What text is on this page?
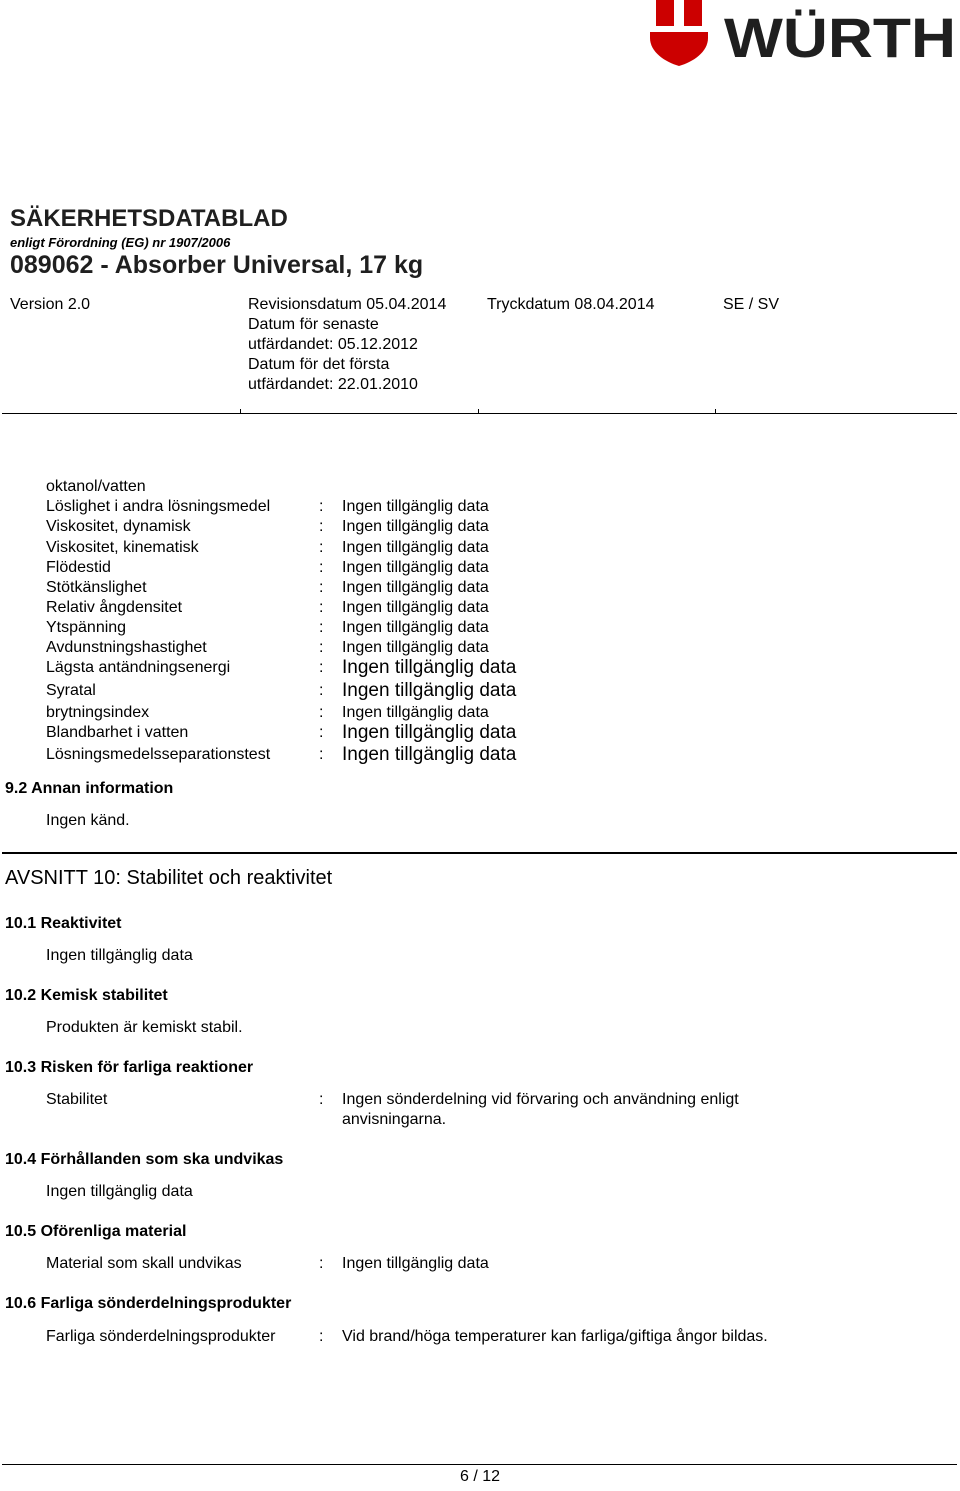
WÜRTH
SÄKERHETSDATABLAD
enligt Förordning (EG) nr 1907/2006
089062 - Absorber Universal, 17 kg
Version 2.0	Revisionsdatum 05.04.2014
Datum för senaste
utfärdandet: 05.12.2012
Datum för det första
utfärdandet: 22.01.2010
Tryckdatum 08.04.2014	SE / SV
oktanol/vatten
Löslighet i andra lösningsmedel	: Ingen tillgänglig data
Viskositet, dynamisk	: Ingen tillgänglig data
Viskositet, kinematisk	: Ingen tillgänglig data
Flödestid	: Ingen tillgänglig data
Stötkänslighet	: Ingen tillgänglig data
Relativ ångdensitet	: Ingen tillgänglig data
Ytspänning	: Ingen tillgänglig data
Avdunstningshastighet	: Ingen tillgänglig data
Lägsta antändningsenergi	: Ingen tillgänglig data
Syratal	: Ingen tillgänglig data
brytningsindex	: Ingen tillgänglig data
Blandbarhet i vatten	: Ingen tillgänglig data
Lösningsmedelsseparationstest	: Ingen tillgänglig data
9.2 Annan information
Ingen känd.
AVSNITT 10: Stabilitet och reaktivitet
10.1 Reaktivitet
Ingen tillgänglig data
10.2 Kemisk stabilitet
Produkten är kemiskt stabil.
10.3 Risken för farliga reaktioner
Stabilitet	: Ingen sönderdelning vid förvaring och användning enligt
anvisningarna.
10.4 Förhållanden som ska undvikas
Ingen tillgänglig data
10.5 Oförenliga material
Material som skall undvikas	: Ingen tillgänglig data
10.6 Farliga sönderdelningsprodukter
Farliga sönderdelningsprodukter	: Vid brand/höga temperaturer kan farliga/giftiga ångor bildas.
6 / 12
